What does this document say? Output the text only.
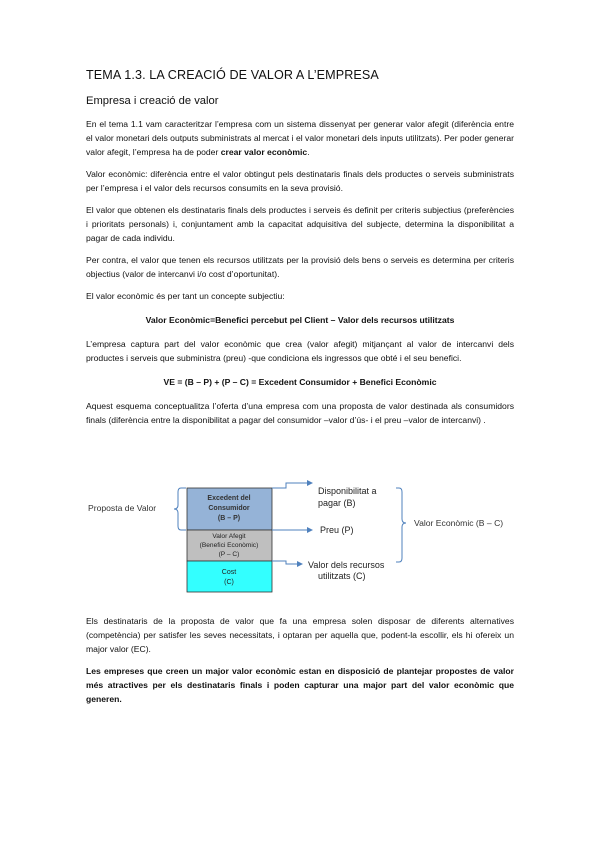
TEMA 1.3. LA CREACIÓ DE VALOR A L’EMPRESA
Empresa i creació de valor

En el tema 1.1 vam caracteritzar l’empresa com un sistema dissenyat per generar valor afegit (diferència entre el valor monetari dels outputs subministrats al mercat i el valor monetari dels inputs utilitzats). Per poder generar valor afegit, l’empresa ha de poder crear valor econòmic.

Valor econòmic: diferència entre el valor obtingut pels destinataris finals dels productes o serveis subministrats per l’empresa i el valor dels recursos consumits en la seva provisió.

El valor que obtenen els destinataris finals dels productes i serveis és definit per criteris subjectius (preferències i prioritats personals) i, conjuntament amb la capacitat adquisitiva del subjecte, determina la disponibilitat a pagar de cada individu.

Per contra, el valor que tenen els recursos utilitzats per la provisió dels bens o serveis es determina per criteris objectius (valor de intercanvi i/o cost d’oportunitat).

El valor econòmic és per tant un concepte subjectiu:

Valor Econòmic=Benefici percebut pel Client – Valor dels recursos utilitzats

L’empresa captura part del valor econòmic que crea (valor afegit) mitjançant al valor de intercanvi dels productes i serveis que subministra (preu) -que condiciona els ingressos que obté i el seu benefici.

VE = (B – P) + (P – C) = Excedent Consumidor + Benefici Econòmic

Aquest esquema conceptualitza l’oferta d’una empresa com una proposta de valor destinada als consumidors finals (diferència entre la disponibilitat a pagar del consumidor –valor d’ús- i el preu –valor de intercanvi) .

Proposta de Valor
Excedent del
Consumidor
(B – P)
Valor Afegit
(Benefici Econòmic)
(P – C)
Cost
(C)
Disponibilitat a
pagar (B)
Preu (P)
Valor dels recursos
utilitzats (C)
Valor Econòmic (B – C)

Els destinataris de la proposta de valor que fa una empresa solen disposar de diferents alternatives (competència) per satisfer les seves necessitats, i optaran per aquella que, podent-la escollir, els hi ofereix un major valor (EC).

Les empreses que creen un major valor econòmic estan en disposició de plantejar propostes de valor més atractives per els destinataris finals i poden capturar una major part del valor econòmic que generen.
